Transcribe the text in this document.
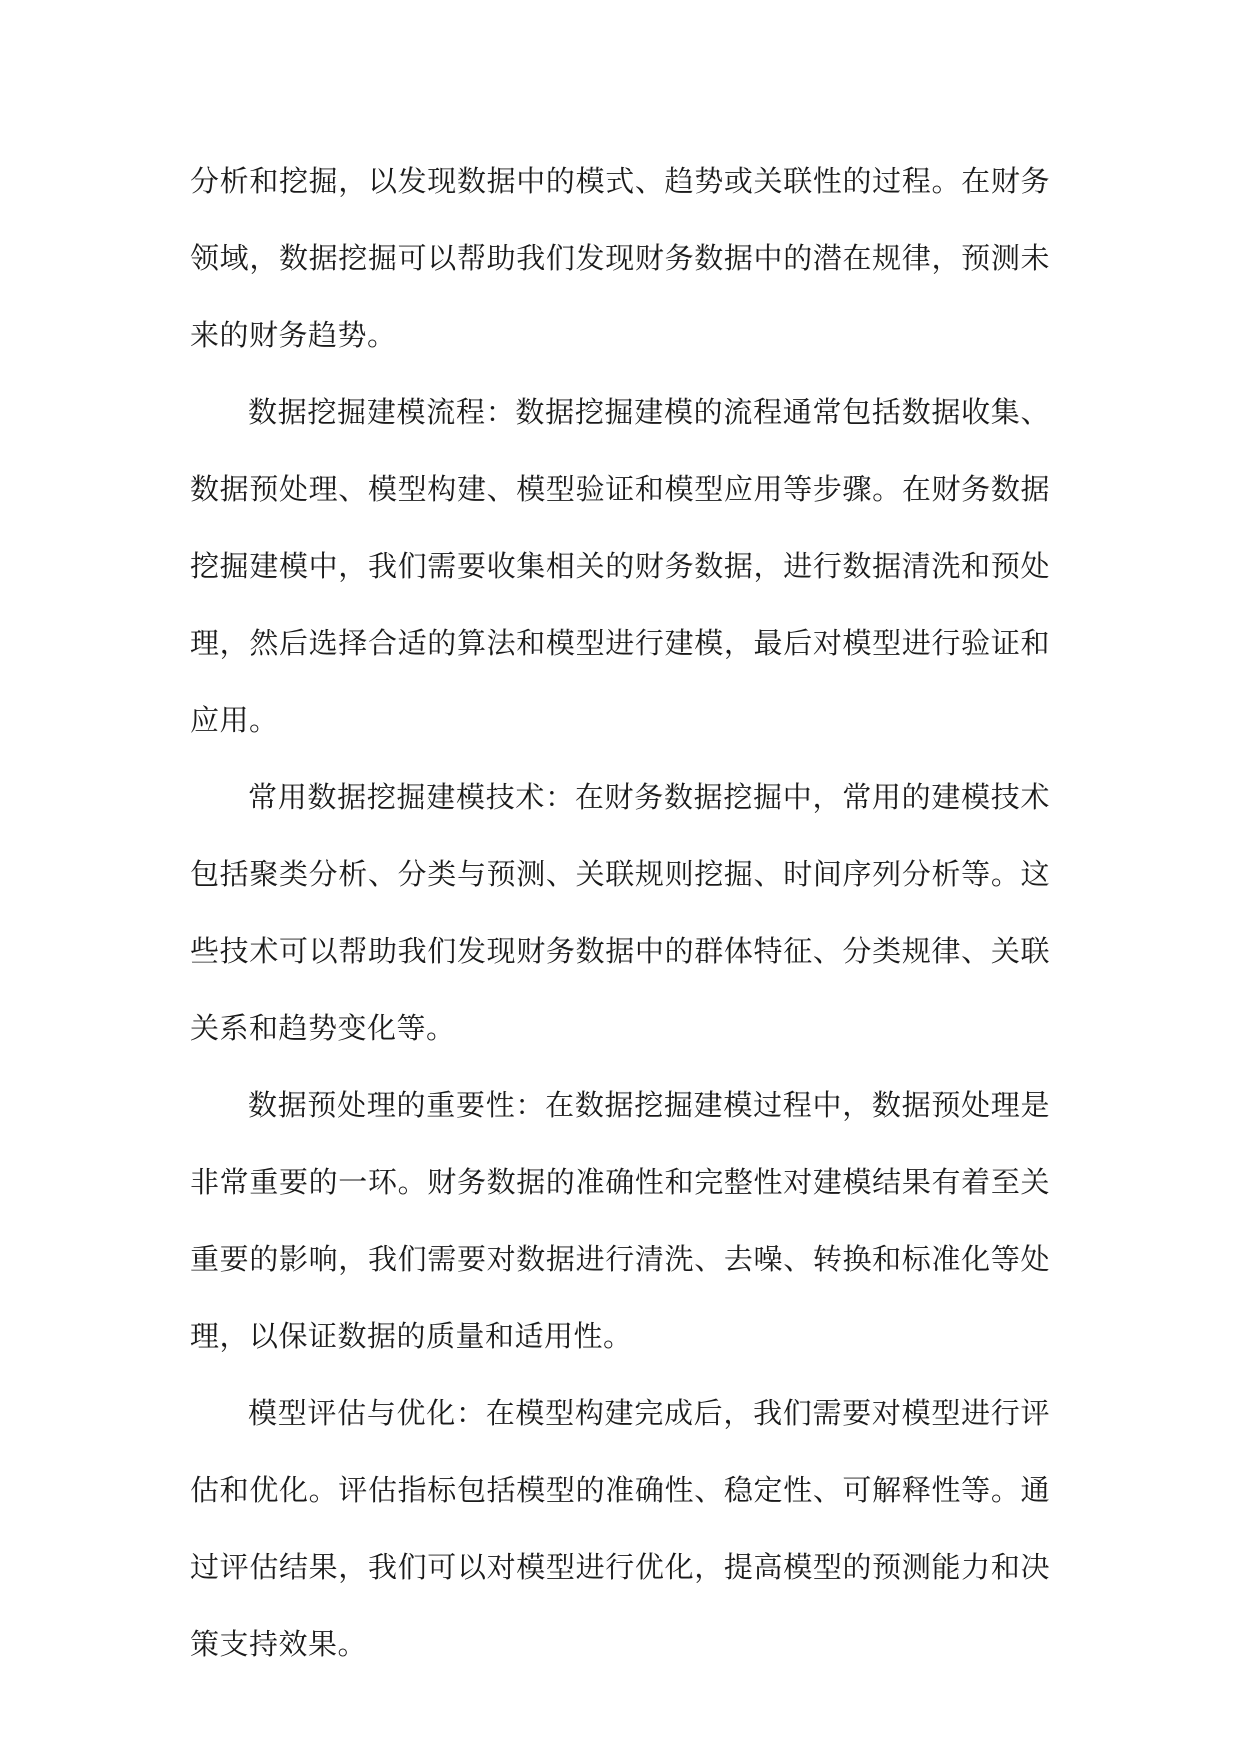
分析和挖掘，以发现数据中的模式、趋势或关联性的过程。在财务领域，数据挖掘可以帮助我们发现财务数据中的潜在规律，预测未来的财务趋势。

数据挖掘建模流程：数据挖掘建模的流程通常包括数据收集、数据预处理、模型构建、模型验证和模型应用等步骤。在财务数据挖掘建模中，我们需要收集相关的财务数据，进行数据清洗和预处理，然后选择合适的算法和模型进行建模，最后对模型进行验证和应用。

常用数据挖掘建模技术：在财务数据挖掘中，常用的建模技术包括聚类分析、分类与预测、关联规则挖掘、时间序列分析等。这些技术可以帮助我们发现财务数据中的群体特征、分类规律、关联关系和趋势变化等。

数据预处理的重要性：在数据挖掘建模过程中，数据预处理是非常重要的一环。财务数据的准确性和完整性对建模结果有着至关重要的影响，我们需要对数据进行清洗、去噪、转换和标准化等处理，以保证数据的质量和适用性。

模型评估与优化：在模型构建完成后，我们需要对模型进行评估和优化。评估指标包括模型的准确性、稳定性、可解释性等。通过评估结果，我们可以对模型进行优化，提高模型的预测能力和决策支持效果。
